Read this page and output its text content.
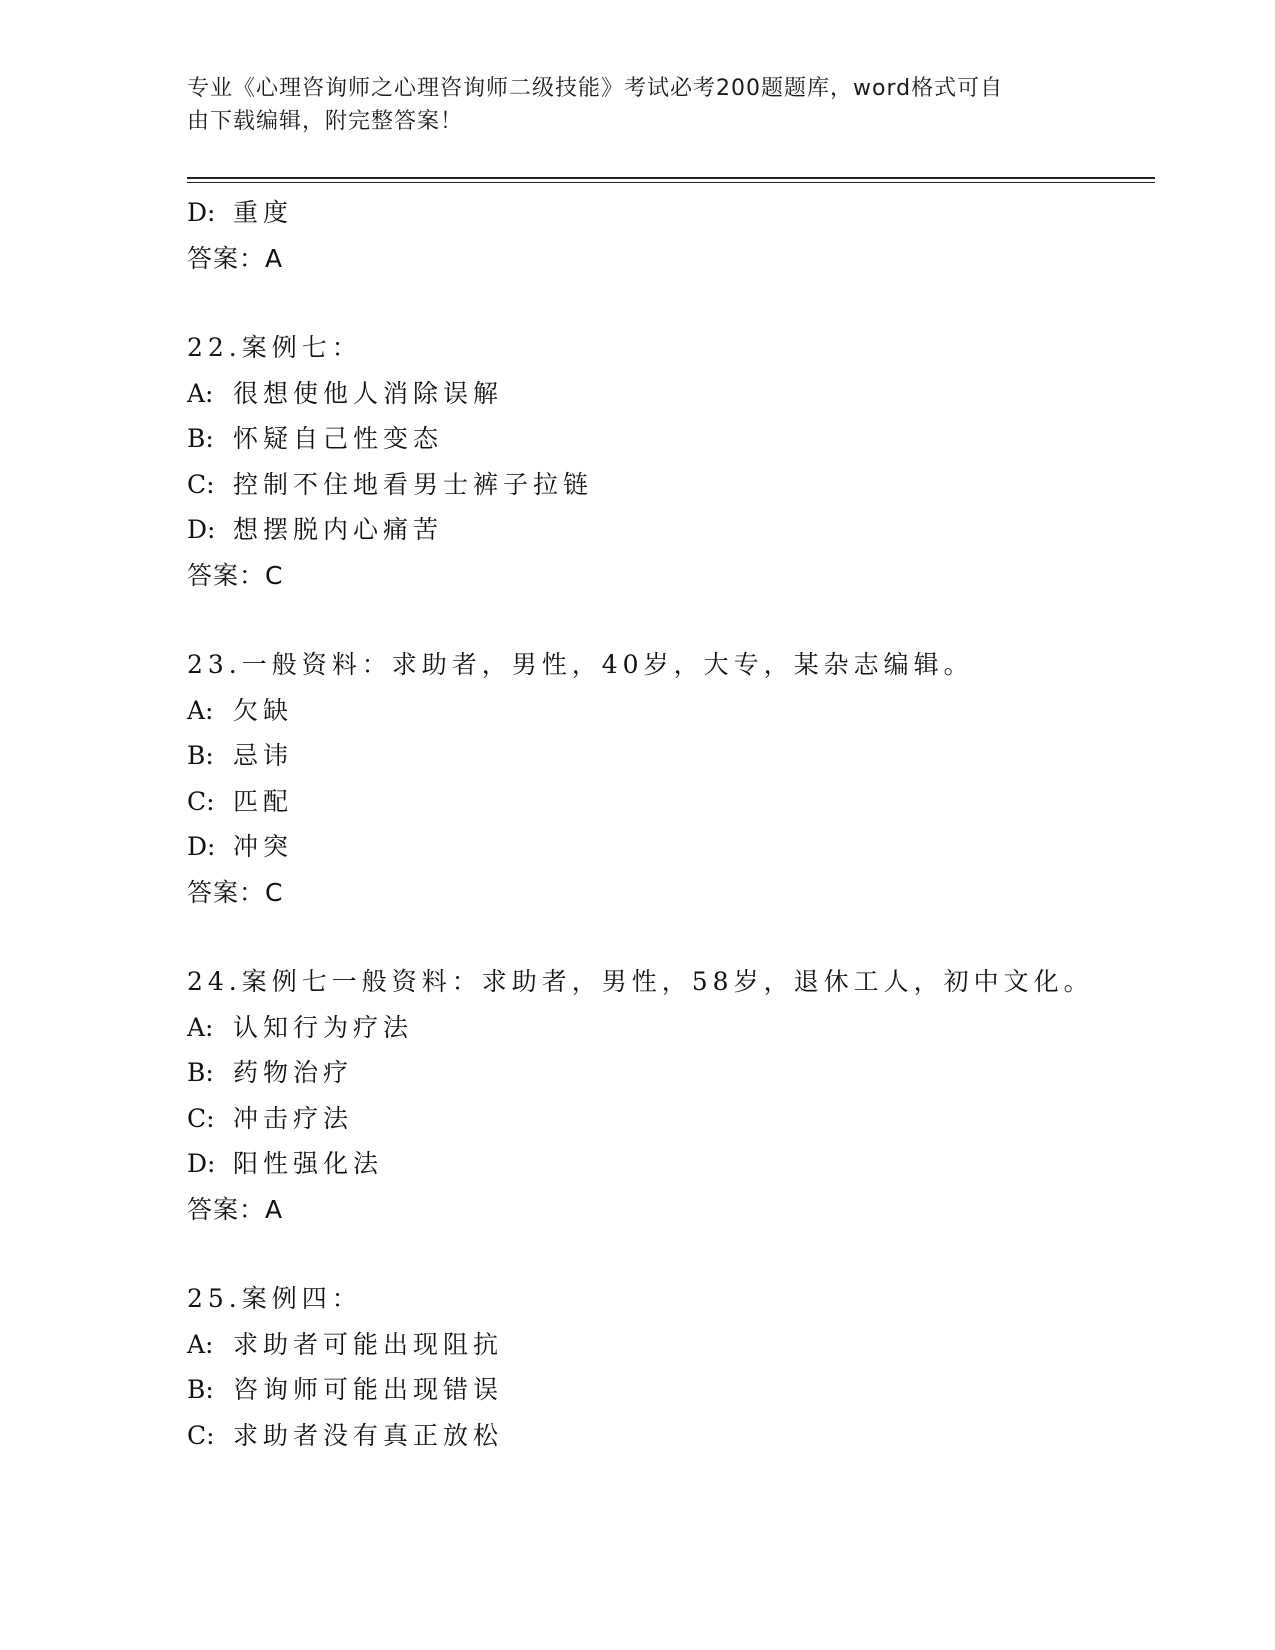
专业《心理咨询师之心理咨询师二级技能》考试必考200题题库，word格式可自
由下载编辑，附完整答案！
D: 重度
答案：A
22.案例七：
A: 很想使他人消除误解
B: 怀疑自己性变态
C: 控制不住地看男士裤子拉链
D: 想摆脱内心痛苦
答案：C
23.一般资料：求助者，男性，40岁，大专，某杂志编辑。
A: 欠缺
B: 忌讳
C: 匹配
D: 冲突
答案：C
24.案例七一般资料：求助者，男性，58岁，退休工人，初中文化。
A: 认知行为疗法
B: 药物治疗
C: 冲击疗法
D: 阳性强化法
答案：A
25.案例四：
A: 求助者可能出现阻抗
B: 咨询师可能出现错误
C: 求助者没有真正放松
